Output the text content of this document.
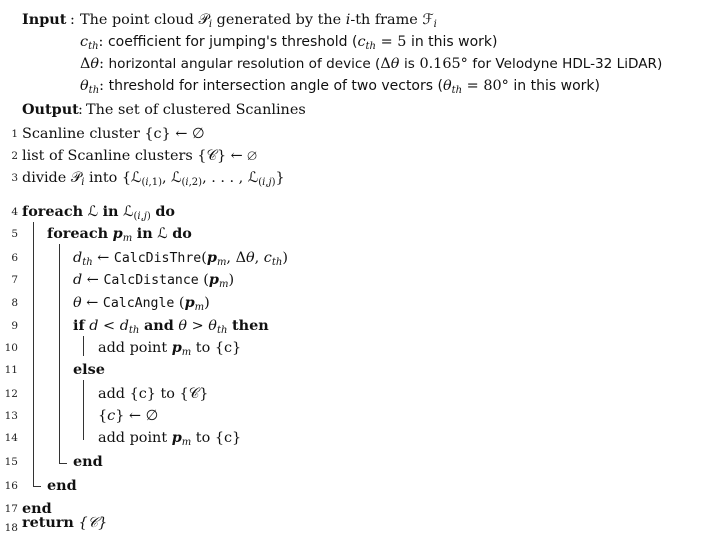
Input : The point cloud 𝒫$_i$ generated by the i-th frame ℱ$_i$
$c_{th}$: coefficient for jumping's threshold ($c_{th} = 5$ in this work)
Δθ: horizontal angular resolution of device (Δθ is 0.165° for Velodyne HDL-32 LiDAR)
$\theta_{th}$: threshold for intersection angle of two vectors ($\theta_{th} = 80^\circ$ in this work)
Output : The set of clustered Scanlines
1
2
3
4
5
6
7
8
9
10
11
12
13
14
15
16
17
18
Scanline cluster {c} ← ∅
list of Scanline clusters {𝒞} ← ∅
divide 𝒫$_i$ into {ℒ$_{(i,1)}$, ℒ$_{(i,2)}$, . . . , ℒ$_{(i,j)}$}
foreach ℒ in ℒ$_{(i,j)}$ do
foreach $p_m$ in ℒ do
$d_{th}$ ← $CalcDisThre(p_m$, Δθ, $c_{th}$)
d ← CalcDistance $(p_m)$
θ ← CalcAngle $(p_m)$
if $d < d_{th}$ and $\theta > \theta_{th}$ then
add point $p_m$ to {c}
else
add {c} to {𝒞}
{c} ← ∅
add point $p_m$ to {c}
end
end
end
return {𝒞}
